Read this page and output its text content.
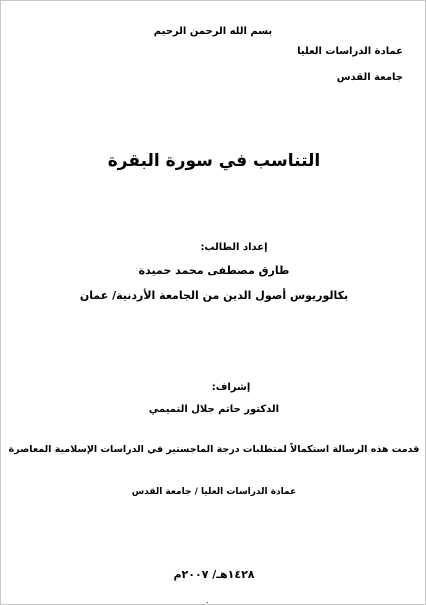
بسم الله الرحمن الرحيم
عمادة الدراسات العليا
جامعة القدس
التناسب في سورة البقرة
إعداد الطالب:
طارق مصطفى محمد حميدة
بكالوريوس أصول الدين من الجامعة الأردنية/ عمان
إشراف:
الدكتور حاتم جلال التميمي
قدمت هذه الرسالة استكمالاً لمتطلبات درجة الماجستير في الدراسات الإسلامية المعاصرة
عمادة الدراسات العليا / جامعة القدس
١٤٢٨هـ/ ٢٠٠٧م
.
